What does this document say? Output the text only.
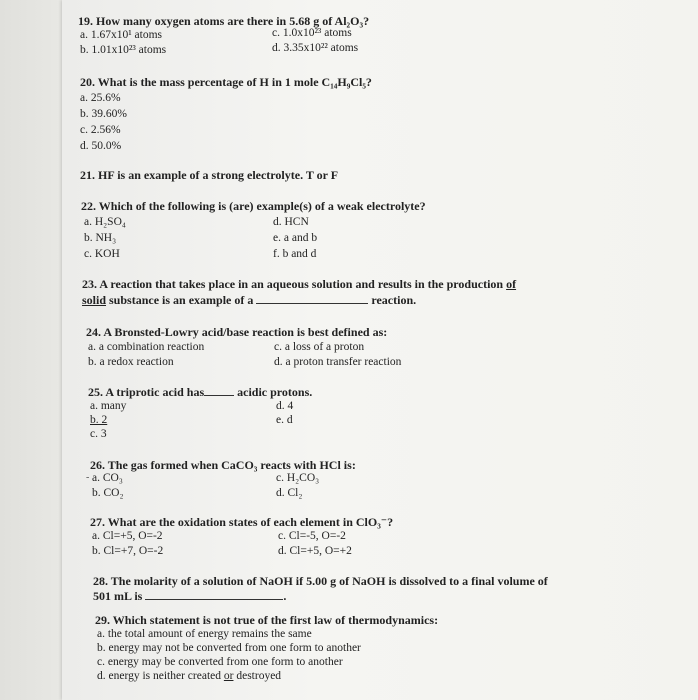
19. How many oxygen atoms are there in 5.68 g of Al₂O₃?
a. 1.67x10¹ atoms
b. 1.01x10²³ atoms
c. 1.0x10²³ atoms
d. 3.35x10²² atoms
20. What is the mass percentage of H in 1 mole C₁₄H₉Cl₅?
a. 25.6%
b. 39.60%
c. 2.56%
d. 50.0%
21. HF is an example of a strong electrolyte. T or F
22. Which of the following is (are) example(s) of a weak electrolyte?
a. H₂SO₄
b. NH₃
c. KOH
d. HCN
e. a and b
f. b and d
23. A reaction that takes place in an aqueous solution and results in the production of
solid substance is an example of a	reaction.
24. A Bronsted-Lowry acid/base reaction is best defined as:
a. a combination reaction
b. a redox reaction
c. a loss of a proton
d. a proton transfer reaction
25. A triprotic acid has	acidic protons.
a. many
b. 2
c. 3
d. 4
e. d
26. The gas formed when CaCO₃ reacts with HCl is:
- a. CO₃
b. CO₂
c. H₂CO₃
d. Cl₂
27. What are the oxidation states of each element in ClO₃⁻?
a. Cl=+5, O=-2
b. Cl=+7, O=-2
c. Cl=-5, O=-2
d. Cl=+5, O=+2
28. The molarity of a solution of NaOH if 5.00 g of NaOH is dissolved to a final volume of
501 mL is	.
29. Which statement is not true of the first law of thermodynamics:
a. the total amount of energy remains the same
b. energy may not be converted from one form to another
c. energy may be converted from one form to another
d. energy is neither created or destroyed
